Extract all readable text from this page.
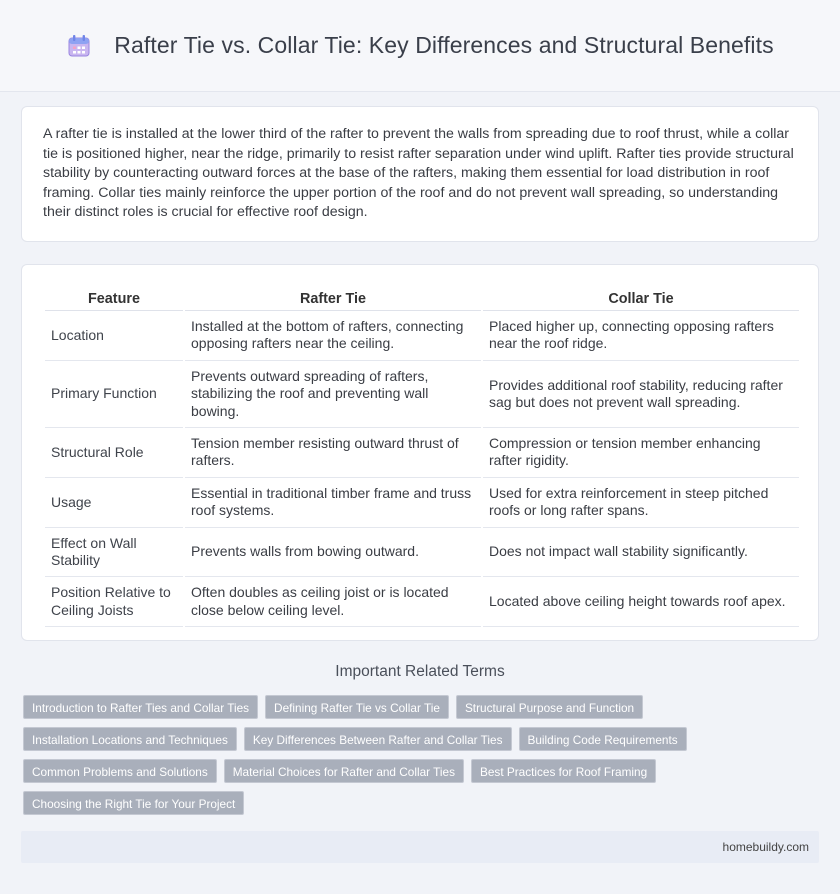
Rafter Tie vs. Collar Tie: Key Differences and Structural Benefits

A rafter tie is installed at the lower third of the rafter to prevent the walls from spreading due to roof thrust, while a collar tie is positioned higher, near the ridge, primarily to resist rafter separation under wind uplift. Rafter ties provide structural stability by counteracting outward forces at the base of the rafters, making them essential for load distribution in roof framing. Collar ties mainly reinforce the upper portion of the roof and do not prevent wall spreading, so understanding their distinct roles is crucial for effective roof design.

Feature	Rafter Tie	Collar Tie
Location	Installed at the bottom of rafters, connecting opposing rafters near the ceiling.	Placed higher up, connecting opposing rafters near the roof ridge.
Primary Function	Prevents outward spreading of rafters, stabilizing the roof and preventing wall bowing.	Provides additional roof stability, reducing rafter sag but does not prevent wall spreading.
Structural Role	Tension member resisting outward thrust of rafters.	Compression or tension member enhancing rafter rigidity.
Usage	Essential in traditional timber frame and truss roof systems.	Used for extra reinforcement in steep pitched roofs or long rafter spans.
Effect on Wall Stability	Prevents walls from bowing outward.	Does not impact wall stability significantly.
Position Relative to Ceiling Joists	Often doubles as ceiling joist or is located close below ceiling level.	Located above ceiling height towards roof apex.
Important Related Terms
Introduction to Rafter Ties and Collar Ties	Defining Rafter Tie vs Collar Tie	Structural Purpose and Function
Installation Locations and Techniques	Key Differences Between Rafter and Collar Ties	Building Code Requirements
Common Problems and Solutions	Material Choices for Rafter and Collar Ties	Best Practices for Roof Framing
Choosing the Right Tie for Your Project
homebuildy.com
